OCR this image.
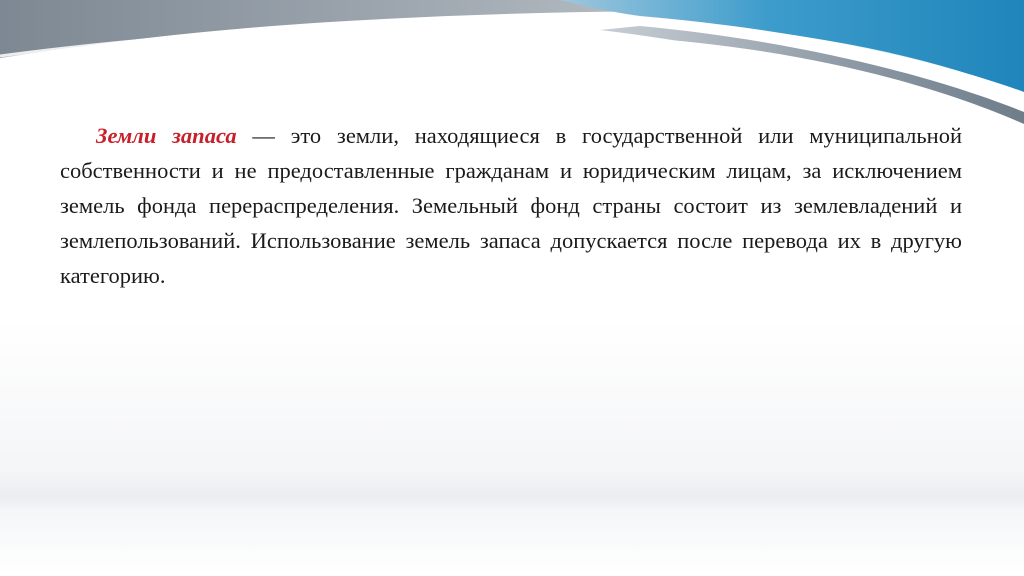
Земли запаса — это земли, находящиеся в государственной или муниципальной собственности и не предоставленные гражданам и юридическим лицам, за исключением земель фонда перераспределения. Земельный фонд страны состоит из землевладений и землепользований. Использование земель запаса допускается после перевода их в другую категорию.
